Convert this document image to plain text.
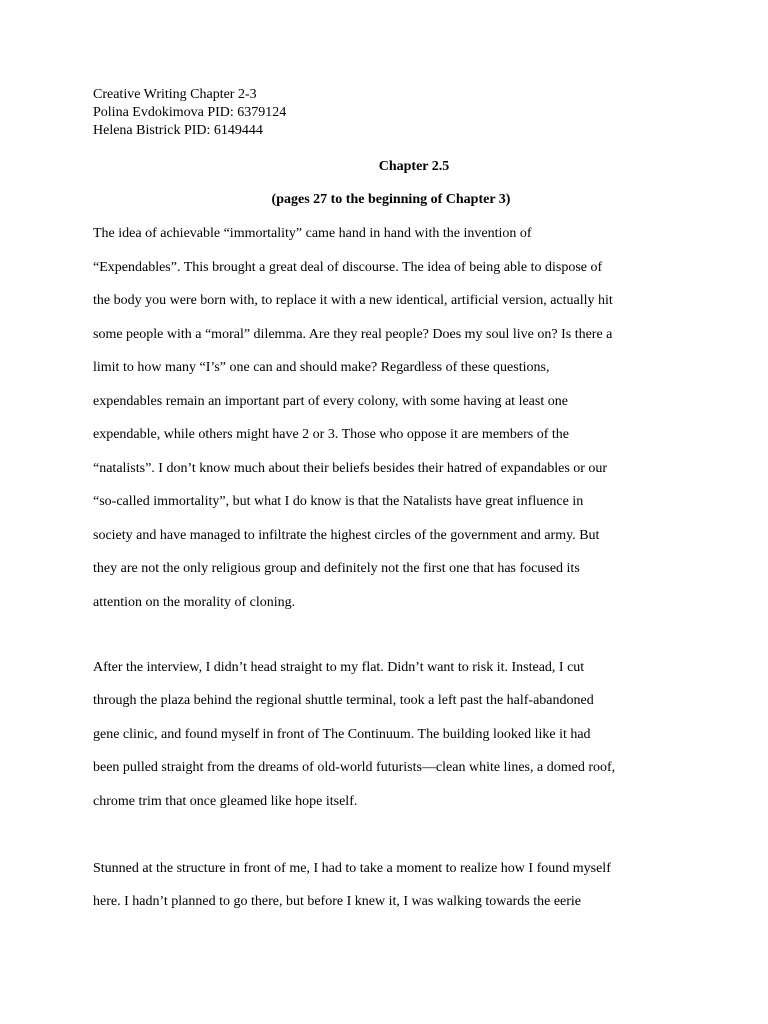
Creative Writing Chapter 2-3
Polina Evdokimova PID: 6379124
Helena Bistrick PID: 6149444
Chapter 2.5
(pages 27 to the beginning of Chapter 3)
The idea of achievable “immortality” came hand in hand with the invention of
“Expendables”. This brought a great deal of discourse. The idea of being able to dispose of
the body you were born with, to replace it with a new identical, artificial version, actually hit
some people with a “moral” dilemma. Are they real people? Does my soul live on? Is there a
limit to how many “I’s” one can and should make? Regardless of these questions,
expendables remain an important part of every colony, with some having at least one
expendable, while others might have 2 or 3. Those who oppose it are members of the
“natalists”. I don’t know much about their beliefs besides their hatred of expandables or our
“so-called immortality”, but what I do know is that the Natalists have great influence in
society and have managed to infiltrate the highest circles of the government and army. But
they are not the only religious group and definitely not the first one that has focused its
attention on the morality of cloning.
After the interview, I didn’t head straight to my flat. Didn’t want to risk it. Instead, I cut
through the plaza behind the regional shuttle terminal, took a left past the half-abandoned
gene clinic, and found myself in front of The Continuum. The building looked like it had
been pulled straight from the dreams of old-world futurists—clean white lines, a domed roof,
chrome trim that once gleamed like hope itself.
Stunned at the structure in front of me, I had to take a moment to realize how I found myself
here. I hadn’t planned to go there, but before I knew it, I was walking towards the eerie
